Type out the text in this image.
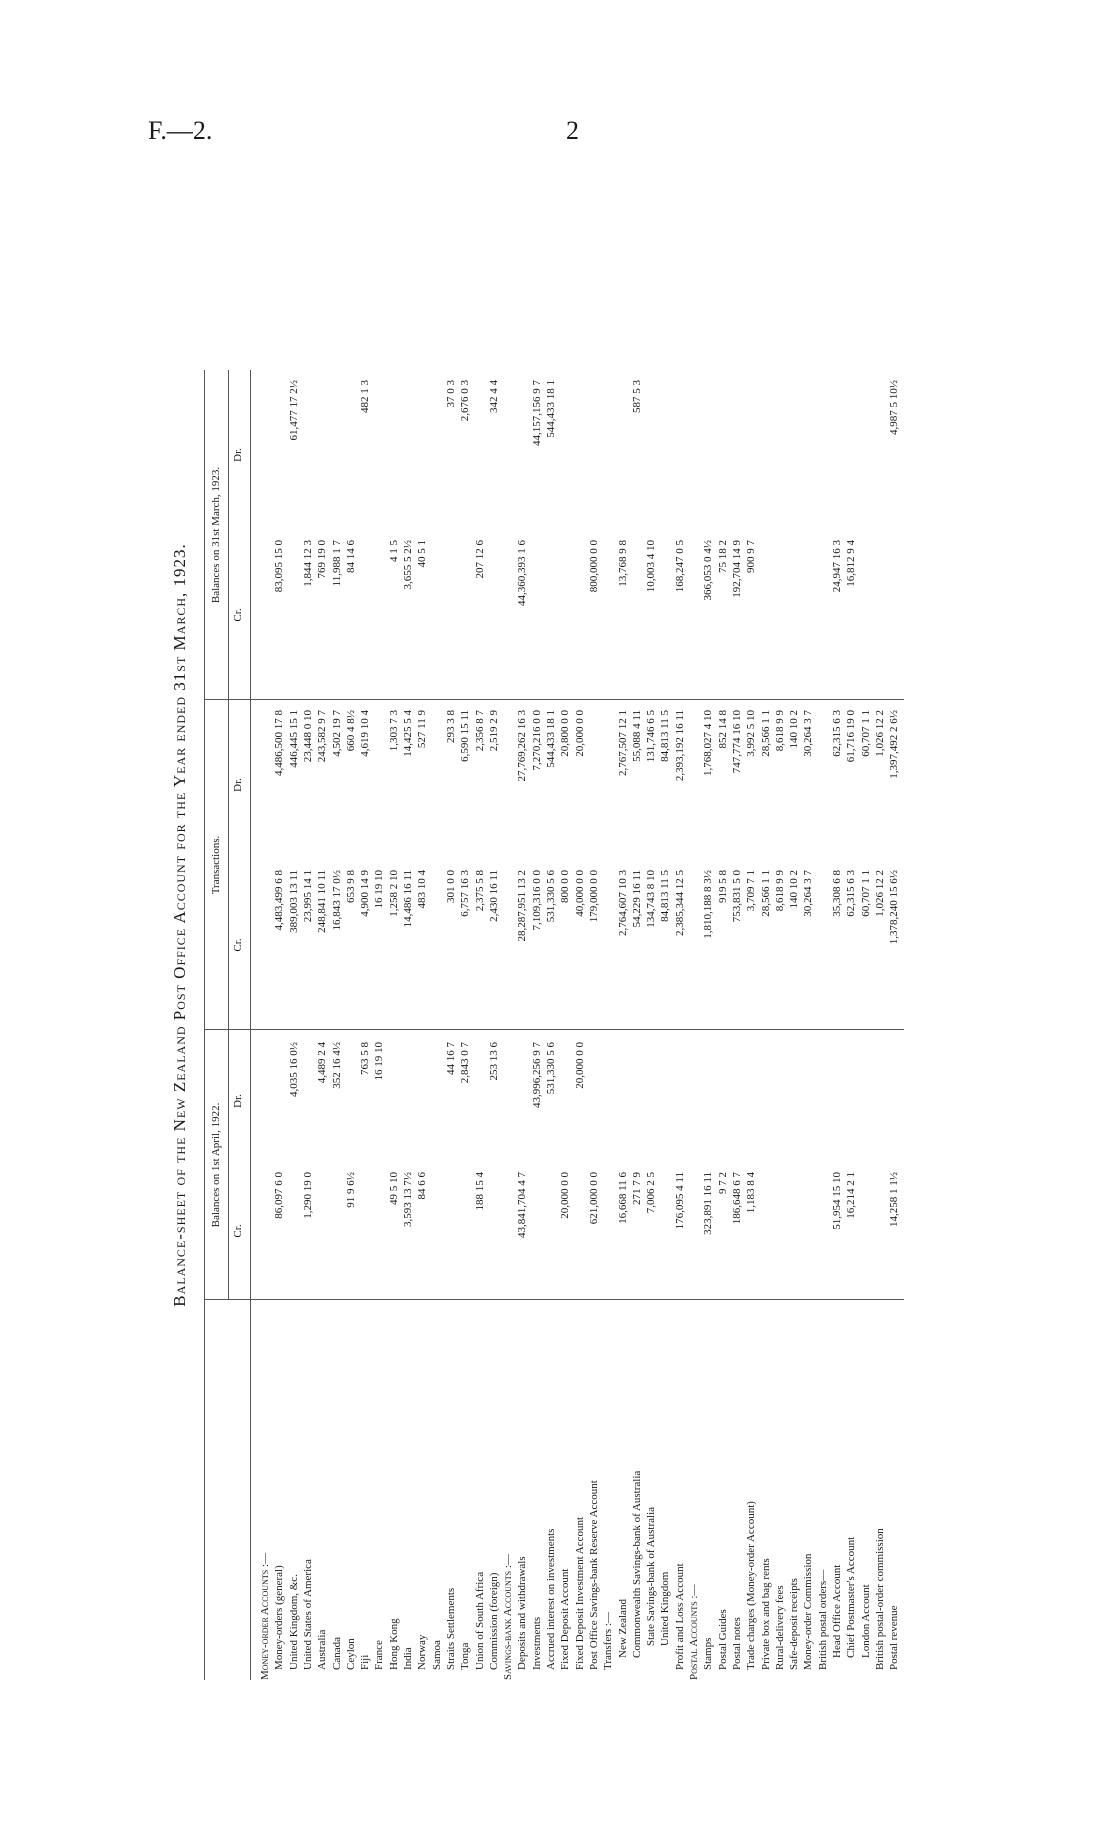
F.—2.	2
Balance-sheet of the New Zealand Post Office Account for the Year ended 31st March, 1923. Balances on 1st April, 1922.
Transactions.
Balances on 31st March, 1923.
Cr.
Dr.
Cr.
Dr.
Cr.
Dr.
Money-order Accounts :— Money-orders (general)
86,097 6 0
4,483,499 6 8
4,486,500 17 8
83,095 15 0
United Kingdom, &c.
4,035 16 0½
389,003 13 11
446,445 15 1
61,477 17 2½
United States of America
1,290 19 0
23,995 14 1
23,448 0 10
1,844 12 3
Australia
4,489 2 4
248,841 10 11
243,582 9 7
769 19 0
Canada
352 16 4½
16,843 17 0½
4,502 19 7
11,988 1 7
Ceylon
91 9 6½
653 9 8
660 4 8½
84 14 6
Fiji
763 5 8
4,900 14 9
4,619 10 4
482 1 3
France
16 19 10
16 19 10
Hong Kong
49 5 10
1,258 2 10
1,303 7 3
4 1 5
India
3,593 13 7½
14,486 16 11
14,425 5 4
3,655 5 2½
Norway
84 6 6
483 10 4
527 11 9
40 5 1
Samoa Straits Settlements
44 16 7
301 0 0
293 3 8
37 0 3
Tonga
2,843 0 7
6,757 16 3
6,590 15 11
2,676 0 3
Union of South Africa
188 15 4
2,375 5 8
2,356 8 7
207 12 6
Commission (foreign)
253 13 6
2,430 16 11
2,519 2 9
342 4 4
Savings-bank Accounts :— Deposits and withdrawals
43,841,704 4 7
28,287,951 13 2
27,769,262 16 3
44,360,393 1 6
Investments
43,996,256 9 7
7,109,316 0 0
7,270,216 0 0
44,157,156 9 7
Accrued interest on investments
531,330 5 6
531,330 5 6
544,433 18 1
544,433 18 1
Fixed Deposit Account
20,000 0 0
800 0 0
20,800 0 0
Fixed Deposit Investment Account
20,000 0 0
40,000 0 0
20,000 0 0
Post Office Savings-bank Reserve Account
621,000 0 0
179,000 0 0
800,000 0 0
Transfers :— New Zealand
16,668 11 6
2,764,607 10 3
2,767,507 12 1
13,768 9 8
Commonwealth Savings-bank of Australia
271 7 9
54,229 16 11
55,088 4 11
587 5 3
State Savings-bank of Australia
7,006 2 5
134,743 8 10
131,746 6 5
10,003 4 10
United Kingdom
84,813 11 5
84,813 11 5
Profit and Loss Account
176,095 4 11
2,385,344 12 5
2,393,192 16 11
168,247 0 5
Postal Accounts :— Stamps
323,891 16 11
1,810,188 8 3½
1,768,027 4 10
366,053 0 4½
Postal Guides
9 7 2
919 5 8
852 14 8
75 18 2
Postal notes
186,648 6 7
753,831 5 0
747,774 16 10
192,704 14 9
Trade charges (Money-order Account)
1,183 8 4
3,709 7 1
3,992 5 10
900 9 7
Private box and bag rents
28,566 1 1
28,566 1 1
Rural-delivery fees
8,618 9 9
8,618 9 9
Safe-deposit receipts
140 10 2
140 10 2
Money-order Commission
30,264 3 7
30,264 3 7
British postal orders— Head Office Account
51,954 15 10
35,308 6 8
62,315 6 3
24,947 16 3
Chief Postmaster's Account
16,214 2 1
62,315 6 3
61,716 19 0
16,812 9 4
London Account
60,707 1 1
60,707 1 1
British postal-order commission
1,026 12 2
1,026 12 2
Postal revenue
14,258 1 1½
1,378,240 15 6½
1,397,492 2 6½
4,987 5 10½
